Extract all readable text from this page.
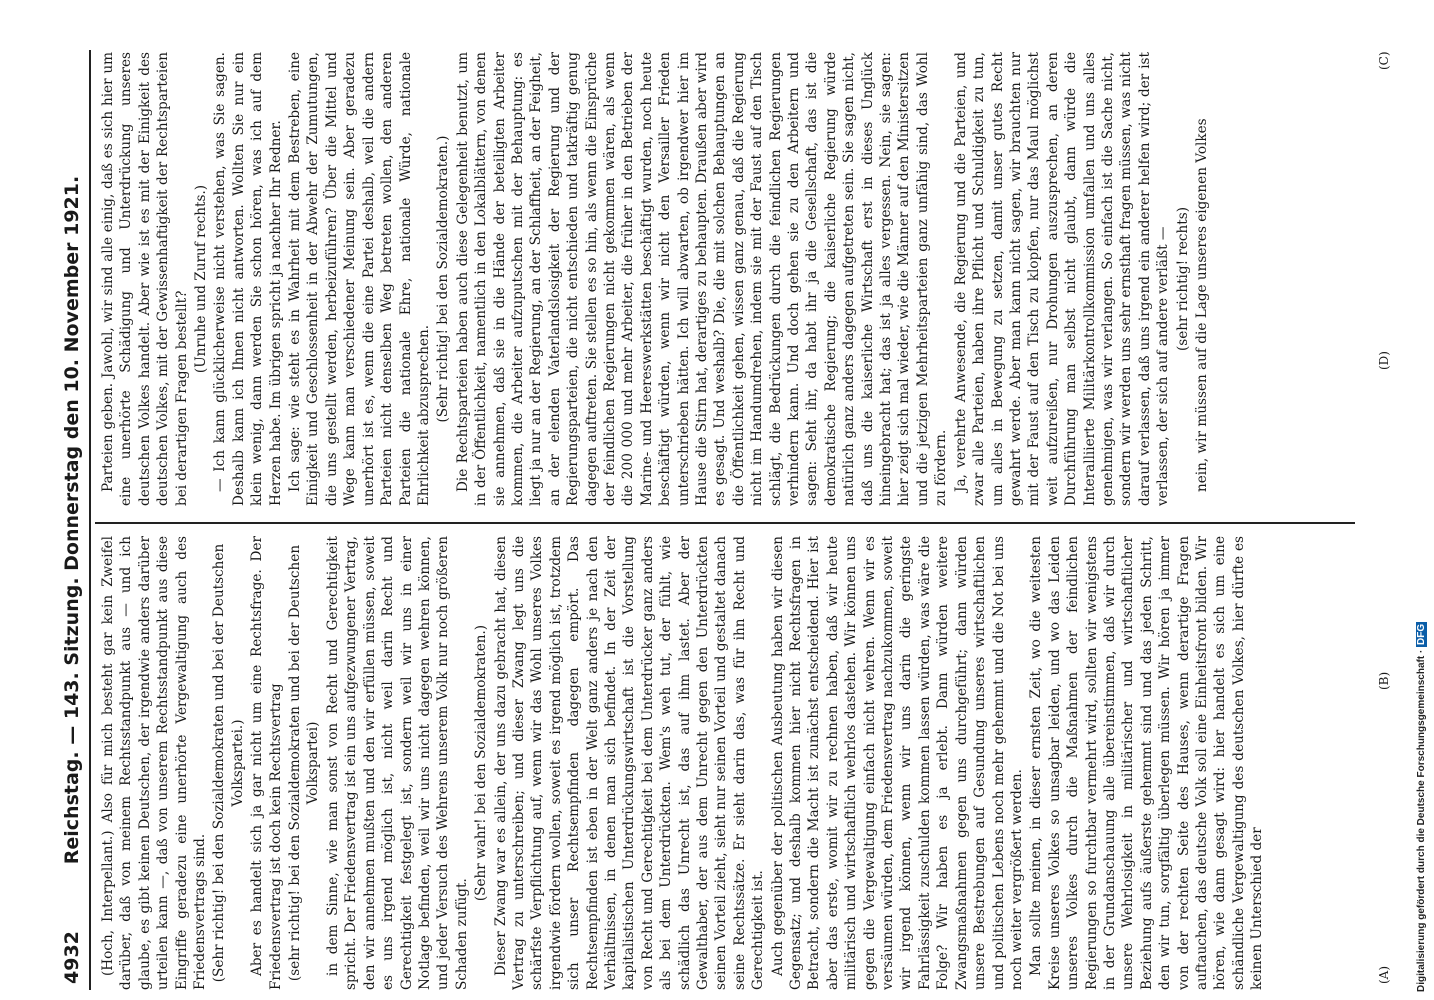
4932
Reichstag. — 143. Sitzung. Donnerstag den 10. November 1921.	(Hoch, Interpellant.) Also für mich besteht gar kein Zweifel darüber, daß von meinem Rechtsstandpunkt aus — und ich glaube, es gibt keinen Deutschen, der irgendwie anders darüber urteilen kann —, daß von unserem Rechtsstandpunkt aus diese Eingriffe geradezu eine unerhörte Vergewaltigung auch des Friedensvertrags sind. (Sehr richtig! bei den Sozialdemokraten und bei der Deutschen Volkspartei.) Aber es handelt sich ja gar nicht um eine Rechtsfrage. Der Friedensvertrag ist doch kein Rechtsvertrag (sehr richtig! bei den Sozialdemokraten und bei der Deutschen Volkspartei) in dem Sinne, wie man sonst von Recht und Gerechtigkeit spricht. Der Friedensvertrag ist ein uns aufgezwungener Vertrag, den wir annehmen mußten und den wir erfüllen müssen, soweit es uns irgend möglich ist, nicht weil darin Recht und Gerechtigkeit festgelegt ist, sondern weil wir uns in einer Notlage befinden, weil wir uns nicht dagegen wehren können, und jeder Versuch des Wehrens unserem Volk nur noch größeren Schaden zufügt.

(Sehr wahr! bei den Sozialdemokraten.) Dieser Zwang war es allein, der uns dazu gebracht hat, diesen Vertrag zu unterschreiben; und dieser Zwang legt uns die schärfste Verpflichtung auf, wenn wir das Wohl unseres Volkes irgendwie fördern wollen, soweit es irgend möglich ist, trotzdem sich unser Rechtsempfinden dagegen empört. Das Rechtsempfinden ist eben in der Welt ganz anders je nach den Verhältnissen, in denen man sich befindet. In der Zeit der kapitalistischen Unterdrückungswirtschaft ist die Vorstellung von Recht und Gerechtigkeit bei dem Unterdrücker ganz anders als bei dem Unterdrückten. Wem's weh tut, der fühlt, wie schädlich das Unrecht ist, das auf ihm lastet. Aber der Gewalthaber, der aus dem Unrecht gegen den Unterdrückten seinen Vorteil zieht, sieht nur seinen Vorteil und gestaltet danach seine Rechtssätze. Er sieht darin das, was für ihn Recht und Gerechtigkeit ist. Auch gegenüber der politischen Ausbeutung haben wir diesen Gegensatz; und deshalb kommen hier nicht Rechtsfragen in Betracht, sondern die Macht ist zunächst entscheidend. Hier ist aber das erste, womit wir zu rechnen haben, daß wir heute militärisch und wirtschaftlich wehrlos dastehen. Wir können uns gegen die Vergewaltigung einfach nicht wehren. Wenn wir es versäumen würden, dem Friedensvertrag nachzukommen, soweit wir irgend können, wenn wir uns darin die geringste Fahrlässigkeit zuschulden kommen lassen würden, was wäre die Folge? Wir haben es ja erlebt. Dann würden weitere Zwangsmaßnahmen gegen uns durchgeführt; dann würden unsere Bestrebungen auf Gesundung unseres wirtschaftlichen und politischen Lebens noch mehr gehemmt und die Not bei uns noch weiter vergrößert werden. Man sollte meinen, in dieser ernsten Zeit, wo die weitesten Kreise unseres Volkes so unsagbar leiden, und wo das Leiden unseres Volkes durch die Maßnahmen der feindlichen Regierungen so furchtbar vermehrt wird, sollten wir wenigstens in der Grundanschauung alle übereinstimmen, daß wir durch unsere Wehrlosigkeit in militärischer und wirtschaftlicher Beziehung aufs äußerste gehemmt sind und das jeden Schritt, den wir tun, sorgfältig überlegen müssen. Wir hören ja immer von der rechten Seite des Hauses, wenn derartige Fragen auftauchen, das deutsche Volk soll eine Einheitsfront bilden. Wir hören, wie dann gesagt wird: hier handelt es sich um eine schändliche Vergewaltigung des deutschen Volkes, hier dürfte es keinen Unterschied der

Parteien geben. Jawohl, wir sind alle einig, daß es sich hier um eine unerhörte Schädigung und Unterdrückung unseres deutschen Volkes handelt. Aber wie ist es mit der Einigkeit des deutschen Volkes, mit der Gewissenhaftigkeit der Rechtsparteien bei derartigen Fragen bestellt?

(Unruhe und Zuruf rechts.) — Ich kann glücklicherweise nicht verstehen, was Sie sagen. Deshalb kann ich Ihnen nicht antworten. Wollten Sie nur ein klein wenig, dann werden Sie schon hören, was ich auf dem Herzen habe. Im übrigen spricht ja nachher Ihr Redner. Ich sage: wie steht es in Wahrheit mit dem Bestreben, eine Einigkeit und Geschlossenheit in der Abwehr der Zumutungen, die uns gestellt werden, herbeizuführen? Über die Mittel und Wege kann man verschiedener Meinung sein. Aber geradezu unerhört ist es, wenn die eine Partei deshalb, weil die andern Parteien nicht denselben Weg betreten wollen, den anderen Parteien die nationale Ehre, nationale Würde, nationale Ehrlichkeit abzusprechen. (Sehr richtig! bei den Sozialdemokraten.) Die Rechtsparteien haben auch diese Gelegenheit benutzt, um in der Öffentlichkeit, namentlich in den Lokalblättern, von denen sie annehmen, daß sie in die Hände der beteiligten Arbeiter kommen, die Arbeiter aufzuputschen mit der Behauptung: es liegt ja nur an der Regierung, an der Schlaffheit, an der Feigheit, an der elenden Vaterlandslosigkeit der Regierung und der Regierungsparteien, die nicht entschieden und tatkräftig genug dagegen auftreten. Sie stellen es so hin, als wenn die Einsprüche der feindlichen Regierungen nicht gekommen wären, als wenn die 200 000 und mehr Arbeiter, die früher in den Betrieben der Marine- und Heereswerkstätten beschäftigt wurden, noch heute beschäftigt würden, wenn wir nicht den Versailler Frieden unterschrieben hätten. Ich will abwarten, ob irgendwer hier im Hause die Stirn hat, derartiges zu behaupten. Draußen aber wird es gesagt. Und weshalb? Die, die mit solchen Behauptungen an die Öffentlichkeit gehen, wissen ganz genau, daß die Regierung nicht im Handumdrehen, indem sie mit der Faust auf den Tisch schlägt, die Bedrückungen durch die feindlichen Regierungen verhindern kann. Und doch gehen sie zu den Arbeitern und sagen: Seht ihr, da habt ihr ja die Gesellschaft, das ist die demokratische Regierung; die kaiserliche Regierung würde natürlich ganz anders dagegen aufgetreten sein. Sie sagen nicht, daß uns die kaiserliche Wirtschaft erst in dieses Unglück hineingebracht hat; das ist ja alles vergessen. Nein, sie sagen: hier zeigt sich mal wieder, wie die Männer auf den Ministersitzen und die jetzigen Mehrheitsparteien ganz unfähig sind, das Wohl zu fördern. Ja, verehrte Anwesende, die Regierung und die Parteien, und zwar alle Parteien, haben ihre Pflicht und Schuldigkeit zu tun, um alles in Bewegung zu setzen, damit unser gutes Recht gewahrt werde. Aber man kann nicht sagen, wir brauchten nur mit der Faust auf den Tisch zu klopfen, nur das Maul möglichst weit aufzureißen, nur Drohungen auszusprechen, an deren Durchführung man selbst nicht glaubt, dann würde die Interalliierte Militärkontrollkommission umfallen und uns alles genehmigen, was wir verlangen. So einfach ist die Sache nicht, sondern wir werden uns sehr ernsthaft fragen müssen, was nicht darauf verlassen, daß uns irgend ein anderer helfen wird; der ist verlassen, der sich auf andere verläßt — (sehr richtig! rechts) nein, wir müssen auf die Lage unseres eigenen Volkes

(A)
(B)
(C)
(D)
Digitalisierung gefördert durch die Deutsche Forschungsgemeinschaft · DFG
